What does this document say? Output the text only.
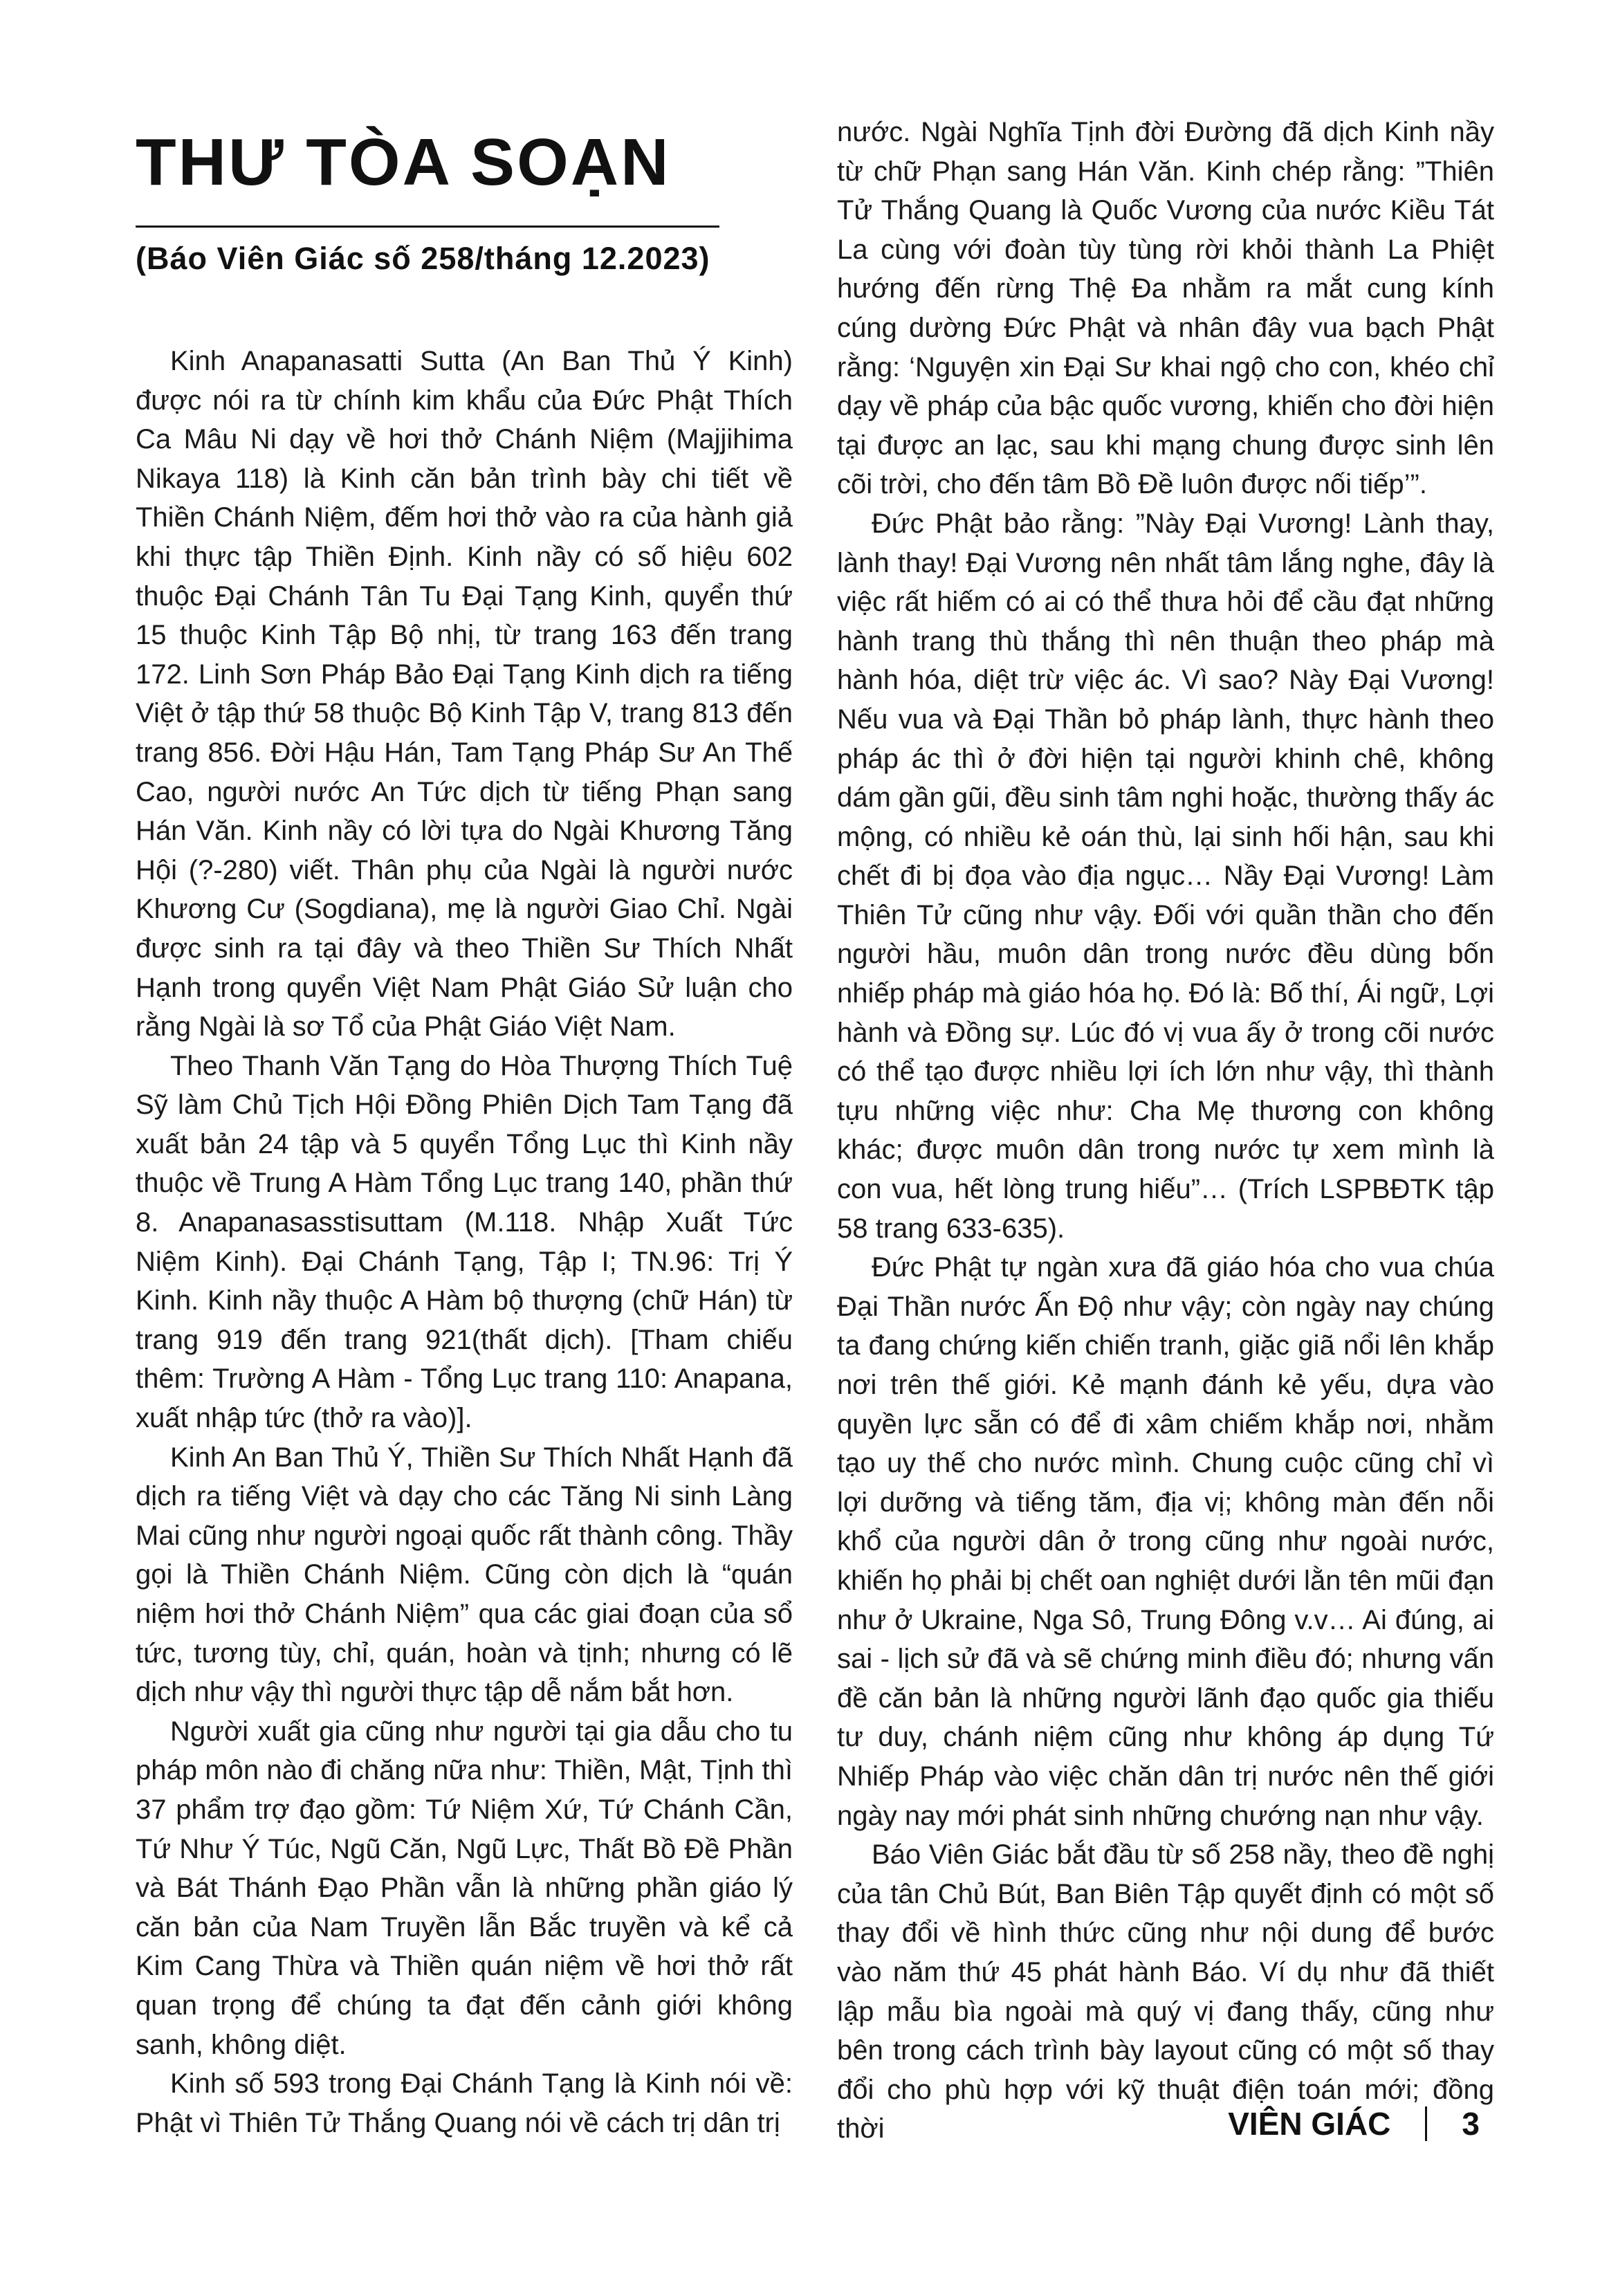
THƯ TÒA SOẠN
(Báo Viên Giác số 258/tháng 12.2023)

Kinh Anapanasatti Sutta (An Ban Thủ Ý Kinh) được nói ra từ chính kim khẩu của Đức Phật Thích Ca Mâu Ni dạy về hơi thở Chánh Niệm (Majjihima Nikaya 118) là Kinh căn bản trình bày chi tiết về Thiền Chánh Niệm, đếm hơi thở vào ra của hành giả khi thực tập Thiền Định. Kinh nầy có số hiệu 602 thuộc Đại Chánh Tân Tu Đại Tạng Kinh, quyển thứ 15 thuộc Kinh Tập Bộ nhị, từ trang 163 đến trang 172. Linh Sơn Pháp Bảo Đại Tạng Kinh dịch ra tiếng Việt ở tập thứ 58 thuộc Bộ Kinh Tập V, trang 813 đến trang 856. Đời Hậu Hán, Tam Tạng Pháp Sư An Thế Cao, người nước An Tức dịch từ tiếng Phạn sang Hán Văn. Kinh nầy có lời tựa do Ngài Khương Tăng Hội (?-280) viết. Thân phụ của Ngài là người nước Khương Cư (Sogdiana), mẹ là người Giao Chỉ. Ngài được sinh ra tại đây và theo Thiền Sư Thích Nhất Hạnh trong quyển Việt Nam Phật Giáo Sử luận cho rằng Ngài là sơ Tổ của Phật Giáo Việt Nam.

Theo Thanh Văn Tạng do Hòa Thượng Thích Tuệ Sỹ làm Chủ Tịch Hội Đồng Phiên Dịch Tam Tạng đã xuất bản 24 tập và 5 quyển Tổng Lục thì Kinh nầy thuộc về Trung A Hàm Tổng Lục trang 140, phần thứ 8. Anapanasasstisuttam (M.118. Nhập Xuất Tức Niệm Kinh). Đại Chánh Tạng, Tập I; TN.96: Trị Ý Kinh. Kinh nầy thuộc A Hàm bộ thượng (chữ Hán) từ trang 919 đến trang 921(thất dịch). [Tham chiếu thêm: Trường A Hàm - Tổng Lục trang 110: Anapana, xuất nhập tức (thở ra vào)].

Kinh An Ban Thủ Ý, Thiền Sư Thích Nhất Hạnh đã dịch ra tiếng Việt và dạy cho các Tăng Ni sinh Làng Mai cũng như người ngoại quốc rất thành công. Thầy gọi là Thiền Chánh Niệm. Cũng còn dịch là “quán niệm hơi thở Chánh Niệm” qua các giai đoạn của sổ tức, tương tùy, chỉ, quán, hoàn và tịnh; nhưng có lẽ dịch như vậy thì người thực tập dễ nắm bắt hơn.

Người xuất gia cũng như người tại gia dẫu cho tu pháp môn nào đi chăng nữa như: Thiền, Mật, Tịnh thì 37 phẩm trợ đạo gồm: Tứ Niệm Xứ, Tứ Chánh Cần, Tứ Như Ý Túc, Ngũ Căn, Ngũ Lực, Thất Bồ Đề Phần và Bát Thánh Đạo Phần vẫn là những phần giáo lý căn bản của Nam Truyền lẫn Bắc truyền và kể cả Kim Cang Thừa và Thiền quán niệm về hơi thở rất quan trọng để chúng ta đạt đến cảnh giới không sanh, không diệt.

Kinh số 593 trong Đại Chánh Tạng là Kinh nói về: Phật vì Thiên Tử Thắng Quang nói về cách trị dân trị

nước. Ngài Nghĩa Tịnh đời Đường đã dịch Kinh nầy từ chữ Phạn sang Hán Văn. Kinh chép rằng: ”Thiên Tử Thắng Quang là Quốc Vương của nước Kiều Tát La cùng với đoàn tùy tùng rời khỏi thành La Phiệt hướng đến rừng Thệ Đa nhằm ra mắt cung kính cúng dường Đức Phật và nhân đây vua bạch Phật rằng: ‘Nguyện xin Đại Sư khai ngộ cho con, khéo chỉ dạy về pháp của bậc quốc vương, khiến cho đời hiện tại được an lạc, sau khi mạng chung được sinh lên cõi trời, cho đến tâm Bồ Đề luôn được nối tiếp’”.

Đức Phật bảo rằng: ”Này Đại Vương! Lành thay, lành thay! Đại Vương nên nhất tâm lắng nghe, đây là việc rất hiếm có ai có thể thưa hỏi để cầu đạt những hành trang thù thắng thì nên thuận theo pháp mà hành hóa, diệt trừ việc ác. Vì sao? Này Đại Vương! Nếu vua và Đại Thần bỏ pháp lành, thực hành theo pháp ác thì ở đời hiện tại người khinh chê, không dám gần gũi, đều sinh tâm nghi hoặc, thường thấy ác mộng, có nhiều kẻ oán thù, lại sinh hối hận, sau khi chết đi bị đọa vào địa ngục… Nầy Đại Vương! Làm Thiên Tử cũng như vậy. Đối với quần thần cho đến người hầu, muôn dân trong nước đều dùng bốn nhiếp pháp mà giáo hóa họ. Đó là: Bố thí, Ái ngữ, Lợi hành và Đồng sự. Lúc đó vị vua ấy ở trong cõi nước có thể tạo được nhiều lợi ích lớn như vậy, thì thành tựu những việc như: Cha Mẹ thương con không khác; được muôn dân trong nước tự xem mình là con vua, hết lòng trung hiếu”… (Trích LSPBĐTK tập 58 trang 633-635).

Đức Phật tự ngàn xưa đã giáo hóa cho vua chúa Đại Thần nước Ấn Độ như vậy; còn ngày nay chúng ta đang chứng kiến chiến tranh, giặc giã nổi lên khắp nơi trên thế giới. Kẻ mạnh đánh kẻ yếu, dựa vào quyền lực sẵn có để đi xâm chiếm khắp nơi, nhằm tạo uy thế cho nước mình. Chung cuộc cũng chỉ vì lợi dưỡng và tiếng tăm, địa vị; không màn đến nỗi khổ của người dân ở trong cũng như ngoài nước, khiến họ phải bị chết oan nghiệt dưới lằn tên mũi đạn như ở Ukraine, Nga Sô, Trung Đông v.v… Ai đúng, ai sai - lịch sử đã và sẽ chứng minh điều đó; nhưng vấn đề căn bản là những người lãnh đạo quốc gia thiếu tư duy, chánh niệm cũng như không áp dụng Tứ Nhiếp Pháp vào việc chăn dân trị nước nên thế giới ngày nay mới phát sinh những chướng nạn như vậy.

Báo Viên Giác bắt đầu từ số 258 nầy, theo đề nghị của tân Chủ Bút, Ban Biên Tập quyết định có một số thay đổi về hình thức cũng như nội dung để bước vào năm thứ 45 phát hành Báo. Ví dụ như đã thiết lập mẫu bìa ngoài mà quý vị đang thấy, cũng như bên trong cách trình bày layout cũng có một số thay đổi cho phù hợp với kỹ thuật điện toán mới; đồng thời	VIÊN GIÁC 3
